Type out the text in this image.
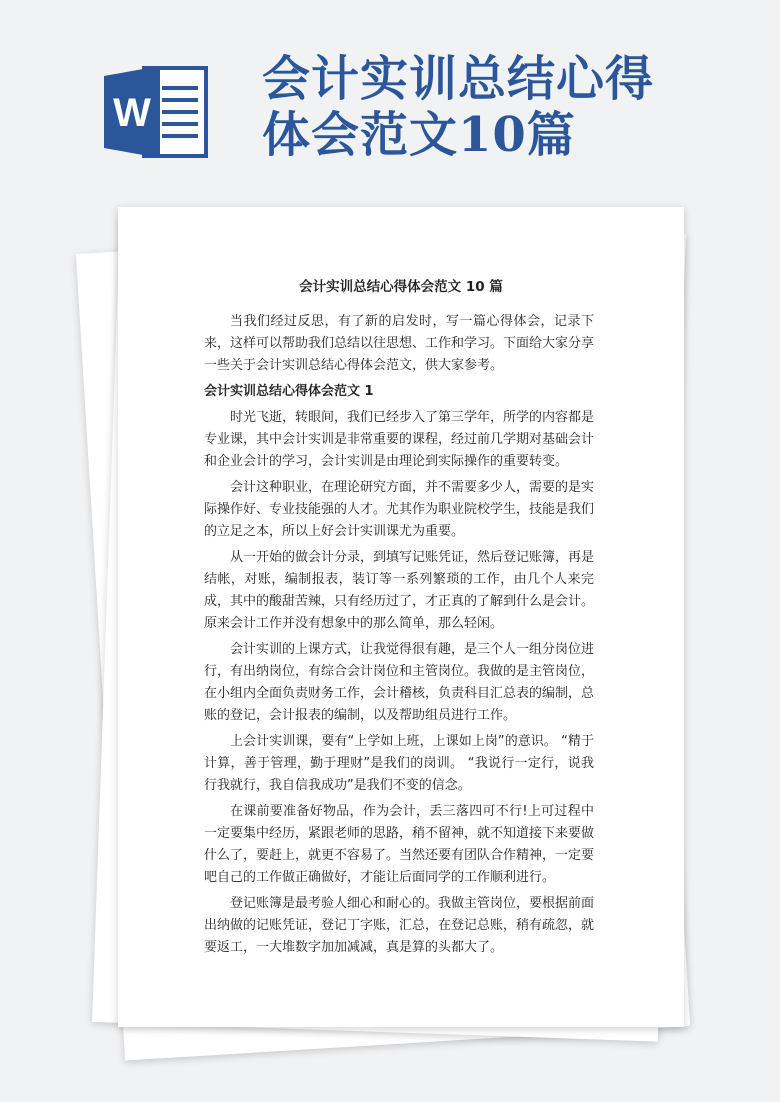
W
会计实训总结心得
体会范文10篇
会计实训总结心得体会范文 10 篇

当我们经过反思，有了新的启发时，写一篇心得体会，记录下来，这样可以帮助我们总结以往思想、工作和学习。下面给大家分享一些关于会计实训总结心得体会范文，供大家参考。

会计实训总结心得体会范文 1

时光飞逝，转眼间，我们已经步入了第三学年，所学的内容都是专业课，其中会计实训是非常重要的课程，经过前几学期对基础会计和企业会计的学习，会计实训是由理论到实际操作的重要转变。

会计这种职业，在理论研究方面，并不需要多少人，需要的是实际操作好、专业技能强的人才。尤其作为职业院校学生，技能是我们的立足之本，所以上好会计实训课尤为重要。

从一开始的做会计分录，到填写记账凭证，然后登记账簿，再是结帐，对账，编制报表，装订等一系列繁琐的工作，由几个人来完成，其中的酸甜苦辣，只有经历过了，才正真的了解到什么是会计。 原来会计工作并没有想象中的那么简单，那么轻闲。

会计实训的上课方式，让我觉得很有趣，是三个人一组分岗位进行，有出纳岗位，有综合会计岗位和主管岗位。我做的是主管岗位，在小组内全面负责财务工作，会计稽核，负责科目汇总表的编制，总账的登记，会计报表的编制，以及帮助组员进行工作。

上会计实训课，要有“上学如上班，上课如上岗”的意识。 “精于计算，善于管理，勤于理财”是我们的岗训。 “我说行一定行，说我行我就行，我自信我成功”是我们不变的信念。

在课前要准备好物品，作为会计，丢三落四可不行!上可过程中一定要集中经历，紧跟老师的思路，稍不留神，就不知道接下来要做什么了，要赶上，就更不容易了。当然还要有团队合作精神，一定要吧自己的工作做正确做好，才能让后面同学的工作顺利进行。

登记账簿是最考验人细心和耐心的。我做主管岗位，要根据前面出纳做的记账凭证，登记丁字账，汇总，在登记总账，稍有疏忽，就要返工，一大堆数字加加减减，真是算的头都大了。
